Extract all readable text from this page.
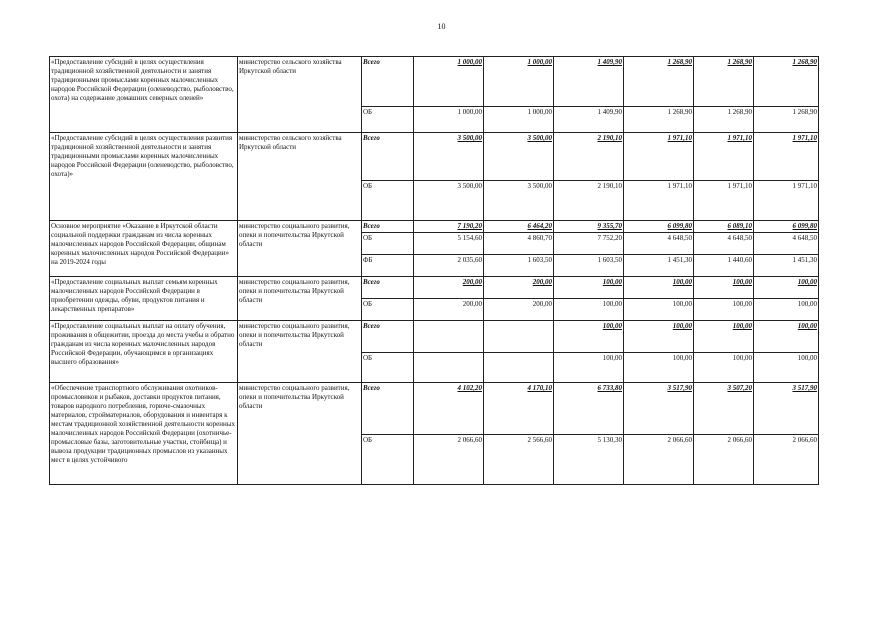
10
«Предоставление субсидий в целях осуществления традиционной хозяйственной деятельности и занятия традиционными промыслами коренных малочисленных народов Российской Федерации (оленеводство, рыболовство, охота) на содержание домашних северных оленей»	министерство сельского хозяйства Иркутской области	Всего	1 000,00	1 000,00	1 409,90	1 268,90	1 268,90	1 268,90
		ОБ	1 000,00	1 000,00	1 409,90	1 268,90	1 268,90	1 268,90
«Предоставление субсидий в целях осуществления развития традиционной хозяйственной деятельности и занятия традиционными промыслами коренных малочисленных народов Российской Федерации (оленеводство, рыболовство, охота)»	министерство сельского хозяйства Иркутской области	Всего	3 500,00	3 500,00	2 190,10	1 971,10	1 971,10	1 971,10
		ОБ	3 500,00	3 500,00	2 190,10	1 971,10	1 971,10	1 971,10
Основное мероприятие «Оказание в Иркутской области социальной поддержки гражданам из числа коренных малочисленных народов Российской Федерации, общинам коренных малочисленных народов Российской Федерации» на 2019-2024 годы	министерство социального развития, опеки и попечительства Иркутской области	Всего	7 190,20	6 464,20	9 355,70	6 099,80	6 089,10	6 099,80
		ОБ	5 154,60	4 860,70	7 752,20	4 648,50	4 648,50	4 648,50
		ФБ	2 035,60	1 603,50	1 603,50	1 451,30	1 440,60	1 451,30
«Предоставление социальных выплат семьям коренных малочисленных народов Российской Федерации в приобретении одежды, обуви, продуктов питания и лекарственных препаратов»	министерство социального развития, опеки и попечительства Иркутской области	Всего	200,00	200,00	100,00	100,00	100,00	100,00
		ОБ	200,00	200,00	100,00	100,00	100,00	100,00
«Предоставление социальных выплат на оплату обучения, проживания в общежитии, проезда до места учебы и обратно гражданам из числа коренных малочисленных народов Российской Федерации, обучающимся в организациях высшего образования»	министерство социального развития, опеки и попечительства Иркутской области	Всего			100,00	100,00	100,00	100,00
		ОБ			100,00	100,00	100,00	100,00
«Обеспечение транспортного обслуживания охотников-промысловиков и рыбаков, доставки продуктов питания, товаров народного потребления, горюче-смазочных материалов, стройматериалов, оборудования и инвентаря к местам традиционной хозяйственной деятельности коренных малочисленных народов Российской Федерации (охотничье-промысловые базы, заготовительные участки, стойбища) и вывоза продукции традиционных промыслов из указанных мест в целях устойчивого	министерство социального развития, опеки и попечительства Иркутской области	Всего	4 102,20	4 170,10	6 733,80	3 517,90	3 507,20	3 517,90
		ОБ	2 066,60	2 566,60	5 130,30	2 066,60	2 066,60	2 066,60
